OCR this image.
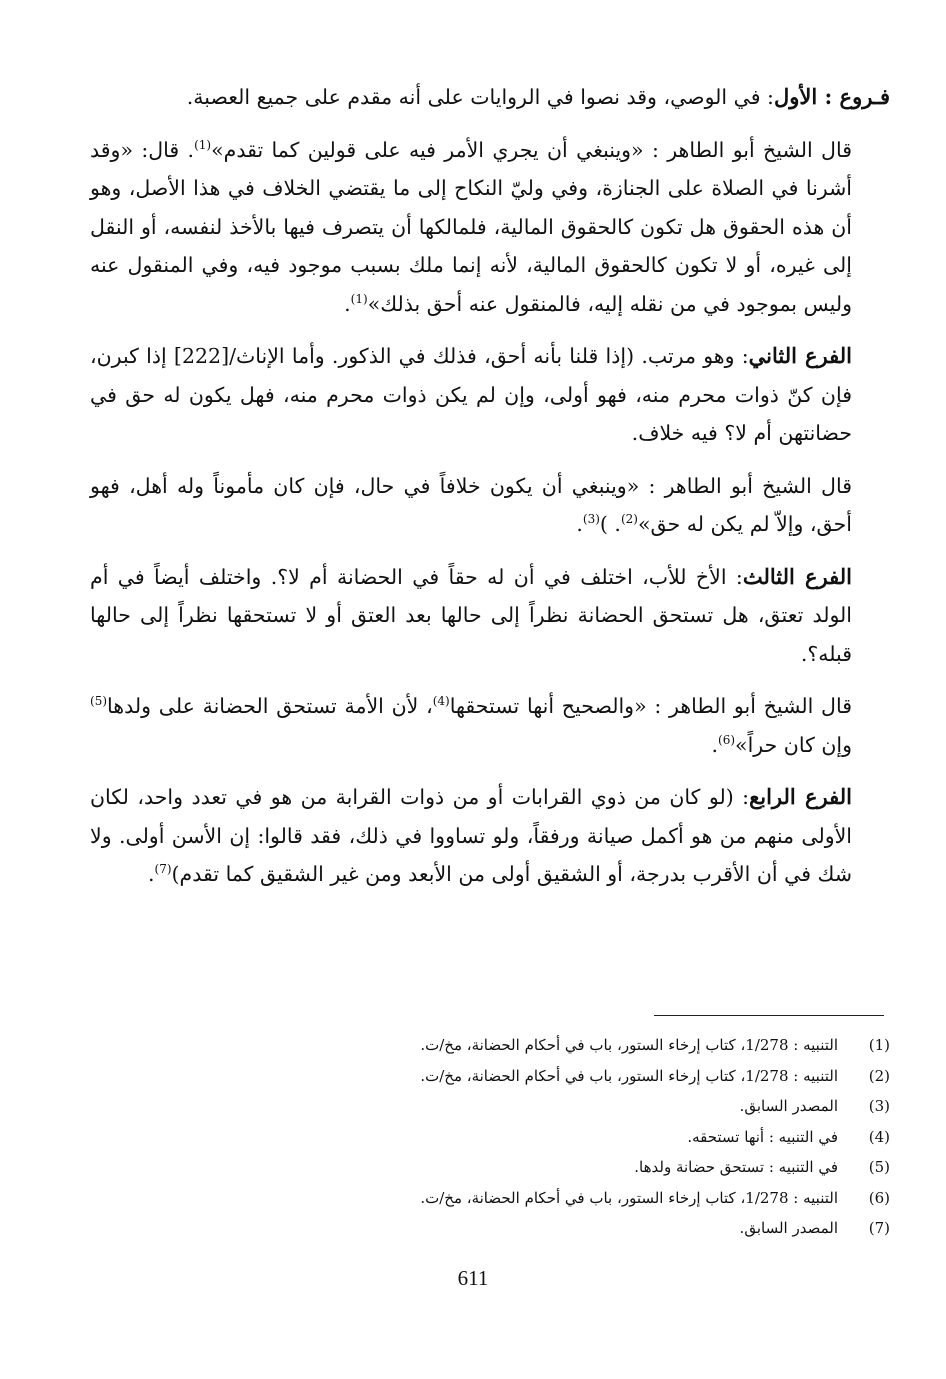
فـروع : الأول: في الوصي، وقد نصوا في الروايات على أنه مقدم على جميع العصبة.

قال الشيخ أبو الطاهر : «وينبغي أن يجري الأمر فيه على قولين كما تقدم»$^{(1)}$. قال: «وقد أشرنا في الصلاة على الجنازة، وفي وليّ النكاح إلى ما يقتضي الخلاف في هذا الأصل، وهو أن هذه الحقوق هل تكون كالحقوق المالية، فلمالكها أن يتصرف فيها بالأخذ لنفسه، أو النقل إلى غيره، أو لا تكون كالحقوق المالية، لأنه إنما ملك بسبب موجود فيه، وفي المنقول عنه وليس بموجود في من نقله إليه، فالمنقول عنه أحق بذلك»$^{(1)}$.

الفرع الثاني: وهو مرتب. (إذا قلنا بأنه أحق، فذلك في الذكور. وأما الإناث/[222] إذا كبرن، فإن كنّ ذوات محرم منه، فهو أولى، وإن لم يكن ذوات محرم منه، فهل يكون له حق في حضانتهن أم لا؟ فيه خلاف.

قال الشيخ أبو الطاهر : «وينبغي أن يكون خلافاً في حال، فإن كان مأموناً وله أهل، فهو أحق، وإلاّ لم يكن له حق»$^{(2)}$. )$^{(3)}$.

الفرع الثالث: الأخ للأب، اختلف في أن له حقاً في الحضانة أم لا؟. واختلف أيضاً في أم الولد تعتق، هل تستحق الحضانة نظراً إلى حالها بعد العتق أو لا تستحقها نظراً إلى حالها قبله؟.

قال الشيخ أبو الطاهر : «والصحيح أنها تستحقها$^{(4)}$، لأن الأمة تستحق الحضانة على ولدها$^{(5)}$ وإن كان حراً»$^{(6)}$.

الفرع الرابع: (لو كان من ذوي القرابات أو من ذوات القرابة من هو في تعدد واحد، لكان الأولى منهم من هو أكمل صيانة ورفقاً، ولو تساووا في ذلك، فقد قالوا: إن الأسن أولى. ولا شك في أن الأقرب بدرجة، أو الشقيق أولى من الأبعد ومن غير الشقيق كما تقدم)$^{(7)}$.

(1)
التنبيه : 1/278، كتاب إرخاء الستور، باب في أحكام الحضانة، مخ/ت.
(2)
التنبيه : 1/278، كتاب إرخاء الستور، باب في أحكام الحضانة، مخ/ت.
(3)
المصدر السابق.
(4)
في التنبيه : أنها تستحقه.
(5)
في التنبيه : تستحق حضانة ولدها.
(6)
التنبيه : 1/278، كتاب إرخاء الستور، باب في أحكام الحضانة، مخ/ت.
(7)
المصدر السابق.
611
